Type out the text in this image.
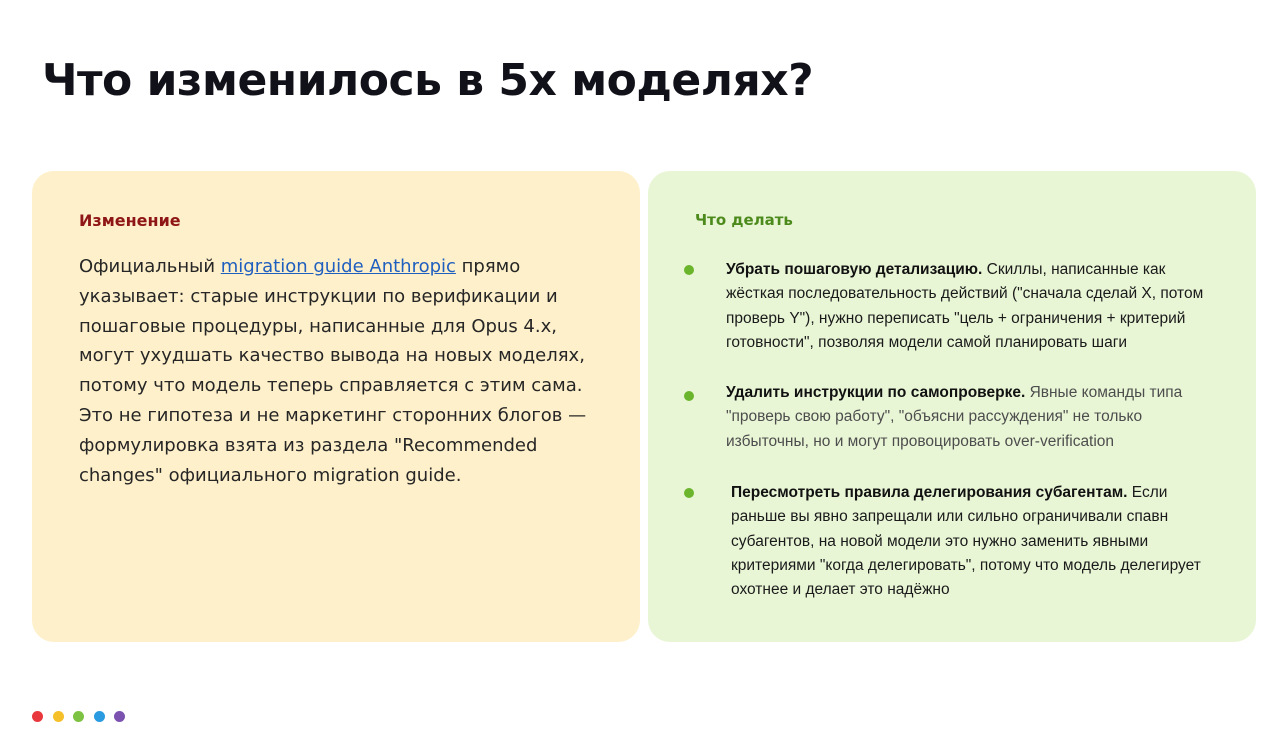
Что изменилось в 5х моделях?
Изменение

Официальный migration guide Anthropic прямо указывает: старые инструкции по верификации и пошаговые процедуры, написанные для Opus 4.x, могут ухудшать качество вывода на новых моделях, потому что модель теперь справляется с этим сама. Это не гипотеза и не маркетинг сторонних блогов — формулировка взята из раздела "Recommended changes" официального migration guide.

Что делать

Убрать пошаговую детализацию. Скиллы, написанные как жёсткая последовательность действий ("сначала сделай X, потом проверь Y"), нужно переписать "цель + ограничения + критерий готовности", позволяя модели самой планировать шаги

Удалить инструкции по самопроверке. Явные команды типа "проверь свою работу", "объясни рассуждения" не только избыточны, но и могут провоцировать over-verification

Пересмотреть правила делегирования субагентам. Если раньше вы явно запрещали или сильно ограничивали спавн субагентов, на новой модели это нужно заменить явными критериями "когда делегировать", потому что модель делегирует охотнее и делает это надёжно
